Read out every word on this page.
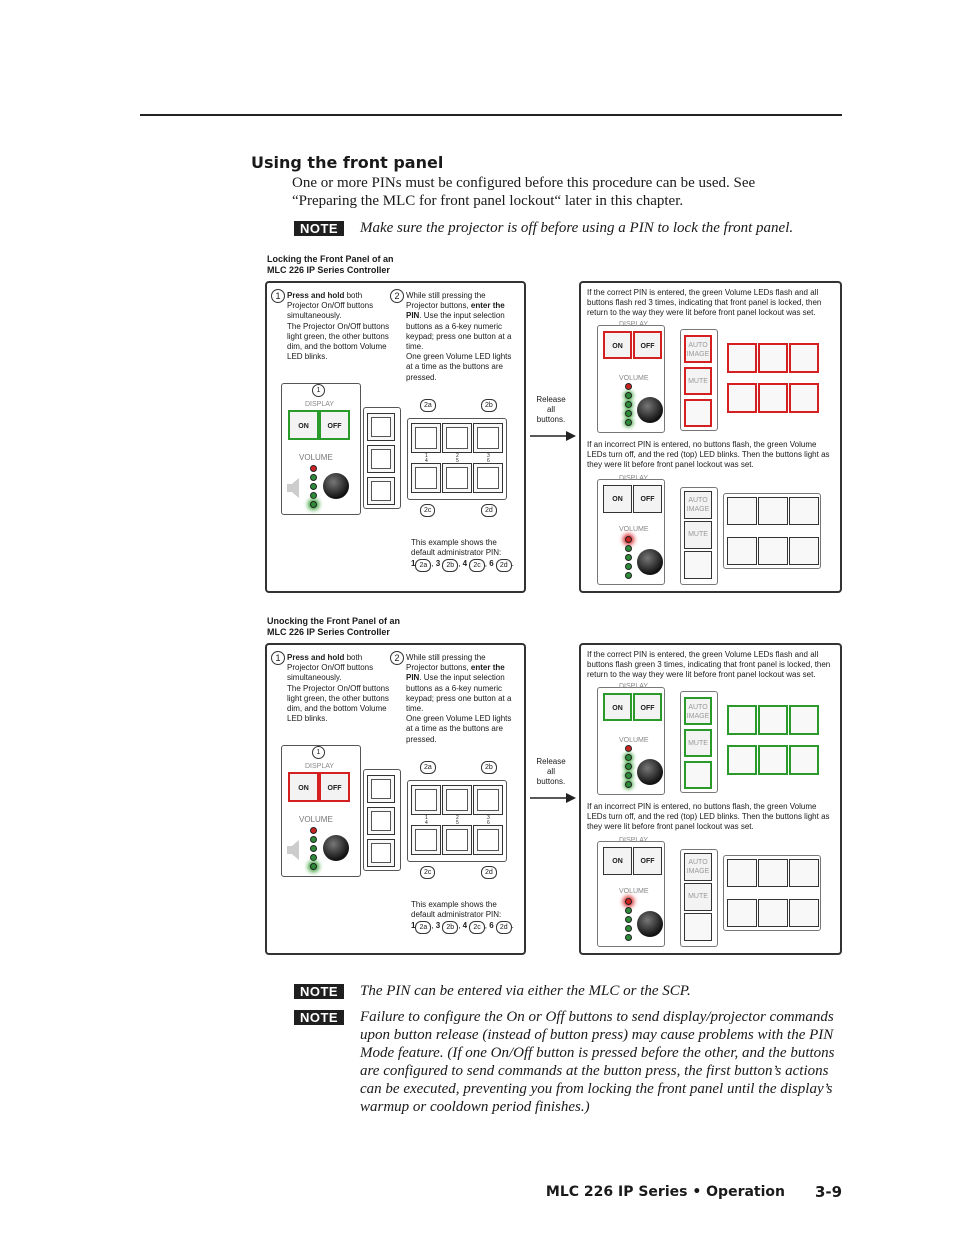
Using the front panel
One or more PINs must be configured before this procedure can be used. See
“Preparing the MLC for front panel lockout“ later in this chapter.
NOTE	Make sure the projector is off before using a PIN to lock the front panel.
Locking the Front Panel of an
MLC 226 IP Series Controller
1 Press and hold both Projector On/Off buttons simultaneously.
The Projector On/Off buttons light green, the other buttons dim, and the bottom Volume LED blinks.
2 While still pressing the Projector buttons, enter the PIN. Use the input selection buttons as a 6-key numeric keypad; press one button at a time.
One green Volume LED lights at a time as the buttons are pressed.
1
DISPLAY
ON	OFF
VOLUME
2a	2b
1	2	3
4	5	6
2c	2d
This example shows the
default administrator PIN:
1 2a , 3 2b , 4 2c , 6 2d .
Release
all
buttons.
If the correct PIN is entered, the green Volume LEDs flash and all buttons flash red 3 times, indicating that front panel is locked, then return to the way they were lit before front panel lockout was set.
DISPLAY
ON	OFF
VOLUME
AUTO
IMAGE
MUTE
If an incorrect PIN is entered, no buttons flash, the green Volume LEDs turn off, and the red (top) LED blinks. Then the buttons light as they were lit before front panel lockout was set.
DISPLAY
ON	OFF
VOLUME
AUTO
IMAGE
MUTE
Unocking the Front Panel of an
MLC 226 IP Series Controller
1 Press and hold both Projector On/Off buttons simultaneously.
The Projector On/Off buttons light green, the other buttons dim, and the bottom Volume LED blinks.
2 While still pressing the Projector buttons, enter the PIN. Use the input selection buttons as a 6-key numeric keypad; press one button at a time.
One green Volume LED lights at a time as the buttons are pressed.
1
DISPLAY
ON	OFF
VOLUME
2a	2b
1	2	3
4	5	6
2c	2d
This example shows the
default administrator PIN:
1 2a , 3 2b , 4 2c , 6 2d .
Release
all
buttons.
If the correct PIN is entered, the green Volume LEDs flash and all buttons flash green 3 times, indicating that front panel is locked, then return to the way they were lit before front panel lockout was set.
DISPLAY
ON	OFF
VOLUME
AUTO
IMAGE
MUTE
If an incorrect PIN is entered, no buttons flash, the green Volume LEDs turn off, and the red (top) LED blinks. Then the buttons light as they were lit before front panel lockout was set.
DISPLAY
ON	OFF
VOLUME
AUTO
IMAGE
MUTE
NOTE	The PIN can be entered via either the MLC or the SCP.
NOTE	Failure to configure the On or Off buttons to send display/projector commands upon button release (instead of button press) may cause problems with the PIN Mode feature. (If one On/Off button is pressed before the other, and the buttons are configured to send commands at the button press, the first button’s actions can be executed, preventing you from locking the front panel until the display’s warmup or cooldown period finishes.)
MLC 226 IP Series • Operation 3-9
